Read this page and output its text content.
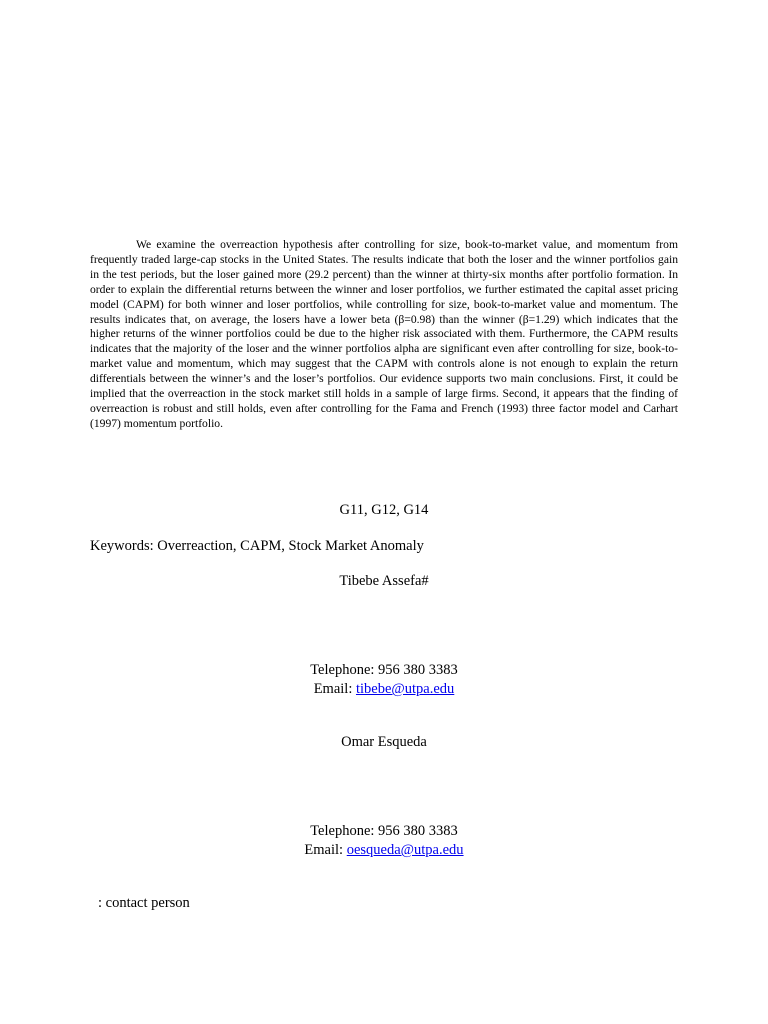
We examine the overreaction hypothesis after controlling for size, book-to-market value, and momentum from frequently traded large-cap stocks in the United States. The results indicate that both the loser and the winner portfolios gain in the test periods, but the loser gained more (29.2 percent) than the winner at thirty-six months after portfolio formation. In order to explain the differential returns between the winner and loser portfolios, we further estimated the capital asset pricing model (CAPM) for both winner and loser portfolios, while controlling for size, book-to-market value and momentum. The results indicates that, on average, the losers have a lower beta (β=0.98) than the winner (β=1.29) which indicates that the higher returns of the winner portfolios could be due to the higher risk associated with them. Furthermore, the CAPM results indicates that the majority of the loser and the winner portfolios alpha are significant even after controlling for size, book-to-market value and momentum, which may suggest that the CAPM with controls alone is not enough to explain the return differentials between the winner’s and the loser’s portfolios. Our evidence supports two main conclusions. First, it could be implied that the overreaction in the stock market still holds in a sample of large firms. Second, it appears that the finding of overreaction is robust and still holds, even after controlling for the Fama and French (1993) three factor model and Carhart (1997) momentum portfolio.

G11, G12, G14

Keywords: Overreaction, CAPM, Stock Market Anomaly

Tibebe Assefa#

Telephone: 956 380 3383

Email: tibebe@utpa.edu

Omar Esqueda

Telephone: 956 380 3383

Email: oesqueda@utpa.edu

: contact person
